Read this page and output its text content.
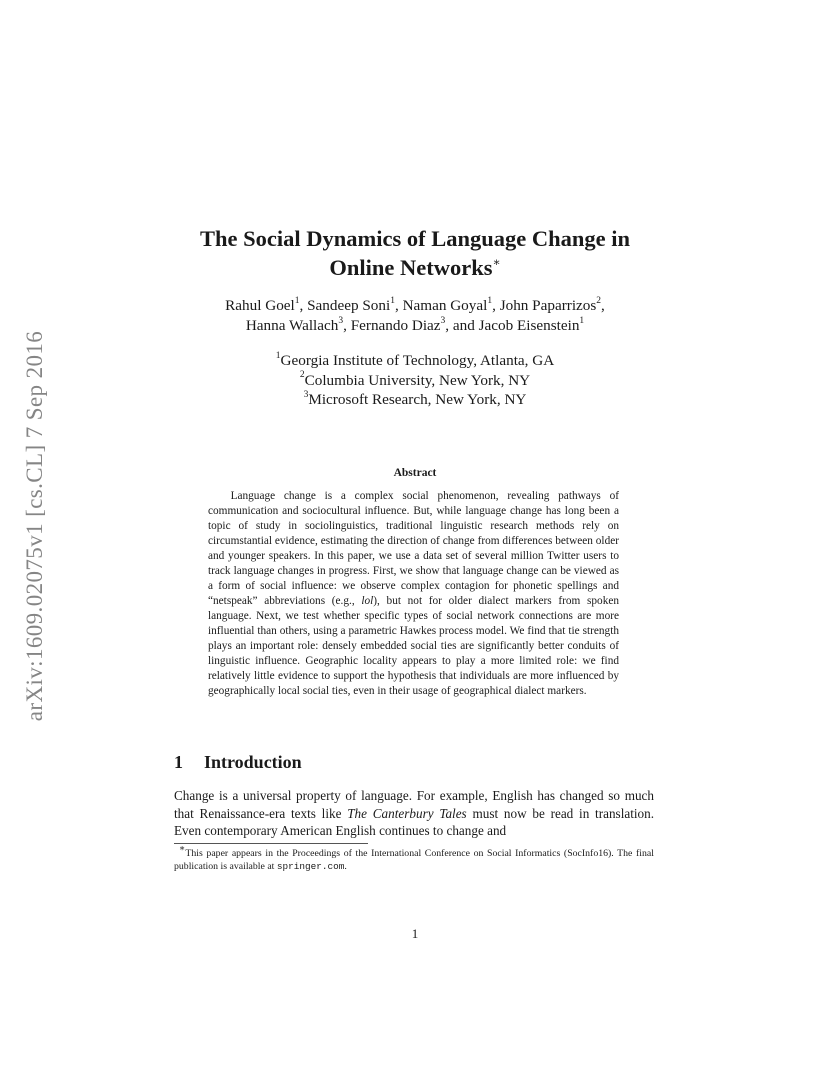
arXiv:1609.02075v1 [cs.CL] 7 Sep 2016
The Social Dynamics of Language Change in
Online Networks∗
Rahul Goel$^1$, Sandeep Soni$^1$, Naman Goyal$^1$, John Paparrizos$^2$,
Hanna Wallach$^3$, Fernando Diaz$^3$, and Jacob Eisenstein$^1$
$^1$Georgia Institute of Technology, Atlanta, GA
$^2$Columbia University, New York, NY
$^3$Microsoft Research, New York, NY
Abstract

  Language change is a complex social phenomenon, revealing pathways of communication and sociocultural influence. But, while language change has long been a topic of study in sociolinguistics, traditional linguistic research methods rely on circumstantial evidence, estimating the direction of change from differences between older and younger speakers. In this paper, we use a data set of several million Twitter users to track language changes in progress. First, we show that language change can be viewed as a form of social influence: we observe complex contagion for phonetic spellings and “netspeak” abbreviations (e.g., lol), but not for older dialect markers from spoken language. Next, we test whether specific types of social network connections are more influential than others, using a parametric Hawkes process model. We find that tie strength plays an important role: densely embedded social ties are significantly better conduits of linguistic influence. Geographic locality appears to play a more limited role: we find relatively little evidence to support the hypothesis that individuals are more influenced by geographically local social ties, even in their usage of geographical dialect markers.

1 Introduction

Change is a universal property of language. For example, English has changed so much that Renaissance-era texts like The Canterbury Tales must now be read in translation. Even contemporary American English continues to change and

 ∗This paper appears in the Proceedings of the International Conference on Social Informatics (SocInfo16). The final publication is available at springer.com.

1
